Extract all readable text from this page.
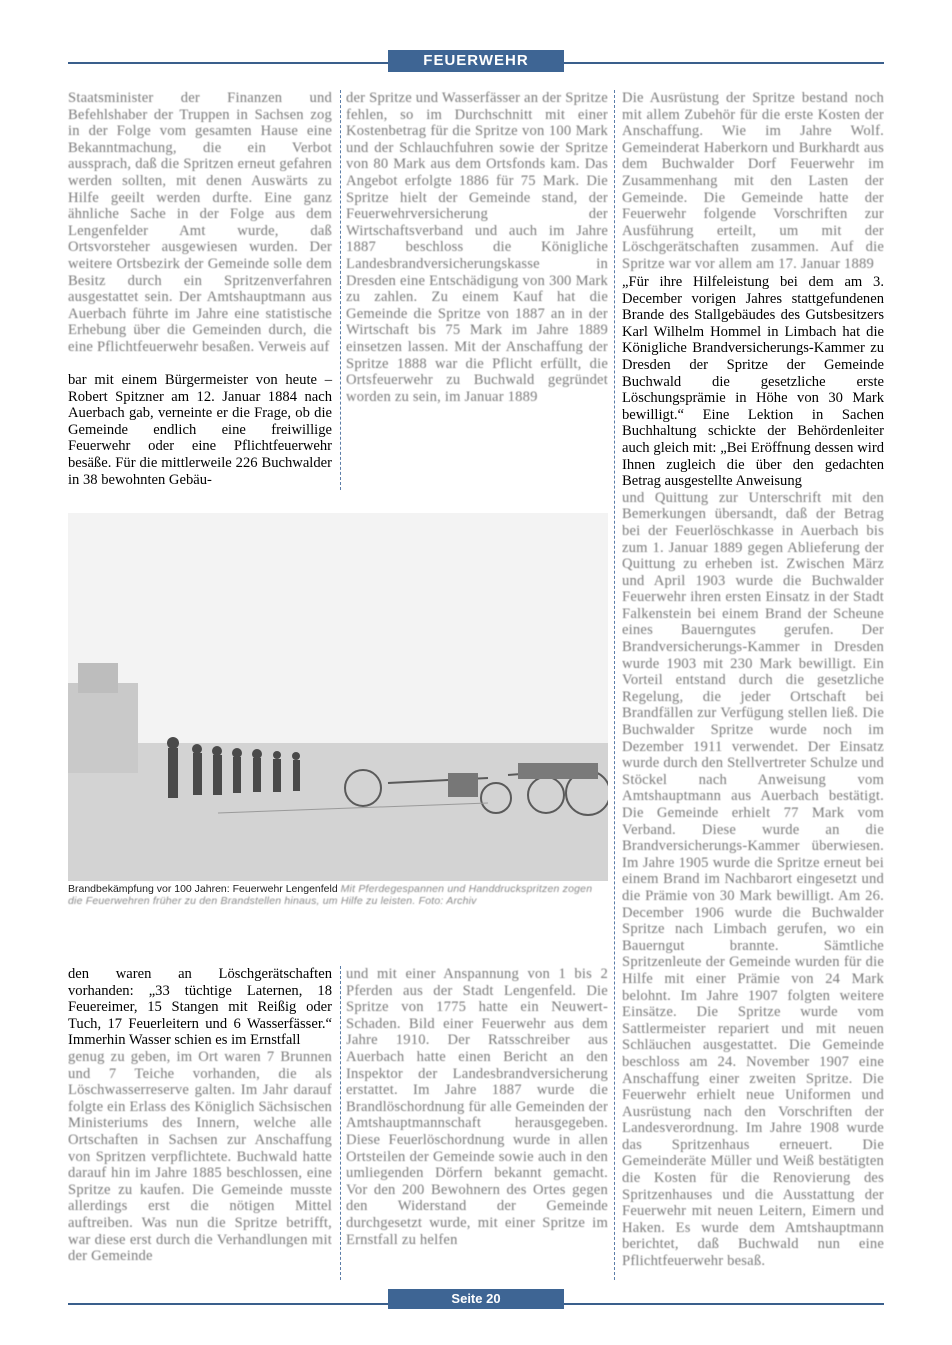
FEUERWEHR

Staatsminister der Finanzen und Befehlshaber der Truppen in Sachsen zog in der Folge vom gesamten Hause eine Bekanntmachung, die ein Verbot aussprach, daß die Spritzen erneut gefahren werden sollten, mit denen Auswärts zu Hilfe geeilt werden durfte. Eine ganz ähnliche Sache in der Folge aus dem Lengenfelder Amt wurde, daß Ortsvorsteher ausgewiesen wurden. Der weitere Ortsbezirk der Gemeinde solle dem Besitz durch ein Spritzenverfahren ausgestattet sein. Der Amtshauptmann aus Auerbach führte im Jahre eine statistische Erhebung über die Gemeinden durch, die eine Pflichtfeuerwehr besaßen. Verweis auf

bar mit einem Bürgermeister von heute – Robert Spitzner am 12. Januar 1884 nach Auerbach gab, verneinte er die Frage, ob die Gemeinde endlich eine freiwillige Feuerwehr oder eine Pflichtfeuerwehr besäße. Für die mittlerweile 226 Buchwalder in 38 bewohnten Gebäu-

der Spritze und Wasserfässer an der Spritze fehlen, so im Durchschnitt mit einer Kostenbetrag für die Spritze von 100 Mark und der Schlauchfuhren sowie der Spritze von 80 Mark aus dem Ortsfonds kam. Das Angebot erfolgte 1886 für 75 Mark. Die Spritze hielt der Gemeinde stand, der Feuerwehrversicherung der Wirtschaftsverband und auch im Jahre 1887 beschloss die Königliche Landesbrandversicherungskasse in Dresden eine Entschädigung von 300 Mark zu zahlen. Zu einem Kauf hat die Gemeinde die Spritze von 1887 an in der Wirtschaft bis 75 Mark im Jahre 1889 einsetzen lassen. Mit der Anschaffung der Spritze 1888 war die Pflicht erfüllt, die Ortsfeuerwehr zu Buchwald gegründet worden zu sein, im Januar 1889

Die Ausrüstung der Spritze bestand noch mit allem Zubehör für die erste Kosten der Anschaffung. Wie im Jahre Wolf. Gemeinderat Haberkorn und Burkhardt aus dem Buchwalder Dorf Feuerwehr im Zusammenhang mit den Lasten der Gemeinde. Die Gemeinde hatte der Feuerwehr folgende Vorschriften zur Ausführung erteilt, um mit der Löschgerätschaften zusammen. Auf die Spritze war vor allem am 17. Januar 1889

„Für ihre Hilfeleistung bei dem am 3. December vorigen Jahres stattgefundenen Brande des Stallgebäudes des Gutsbesitzers Karl Wilhelm Hommel in Limbach hat die Königliche Brandversicherungs-Kammer zu Dresden der Spritze der Gemeinde Buchwald die gesetzliche erste Löschungsprämie in Höhe von 30 Mark bewilligt.“ Eine Lektion in Sachen Buchhaltung schickte der Behördenleiter auch gleich mit: „Bei Eröffnung dessen wird Ihnen zugleich die über den gedachten Betrag ausgestellte Anweisung

und Quittung zur Unterschrift mit den Bemerkungen übersandt, daß der Betrag bei der Feuerlöschkasse in Auerbach bis zum 1. Januar 1889 gegen Ablieferung der Quittung zu erheben ist. Zwischen März und April 1903 wurde die Buchwalder Feuerwehr ihren ersten Einsatz in der Stadt Falkenstein bei einem Brand der Scheune eines Bauerngutes gerufen. Der Brandversicherungs-Kammer in Dresden wurde 1903 mit 230 Mark bewilligt. Ein Vorteil entstand durch die gesetzliche Regelung, die jeder Ortschaft bei Brandfällen zur Verfügung stellen ließ. Die Buchwalder Spritze wurde noch im Dezember 1911 verwendet. Der Einsatz wurde durch den Stellvertreter Schulze und Stöckel nach Anweisung vom Amtshauptmann aus Auerbach bestätigt. Die Gemeinde erhielt 77 Mark vom Verband. Diese wurde an die Brandversicherungs-Kammer überwiesen. Im Jahre 1905 wurde die Spritze erneut bei einem Brand im Nachbarort eingesetzt und die Prämie von 30 Mark bewilligt. Am 26. December 1906 wurde die Buchwalder Spritze nach Limbach gerufen, wo ein Bauerngut brannte. Sämtliche Spritzenleute der Gemeinde wurden für die Hilfe mit einer Prämie von 24 Mark belohnt. Im Jahre 1907 folgten weitere Einsätze. Die Spritze wurde vom Sattlermeister repariert und mit neuen Schläuchen ausgestattet. Die Gemeinde beschloss am 24. November 1907 eine Anschaffung einer zweiten Spritze. Die Feuerwehr erhielt neue Uniformen und Ausrüstung nach den Vorschriften der Landesverordnung. Im Jahre 1908 wurde das Spritzenhaus erneuert. Die Gemeinderäte Müller und Weiß bestätigten die Kosten für die Renovierung des Spritzenhauses und die Ausstattung der Feuerwehr mit neuen Leitern, Eimern und Haken. Es wurde dem Amtshauptmann berichtet, daß Buchwald nun eine Pflichtfeuerwehr besaß.

Brandbekämpfung vor 100 Jahren: Feuerwehr Lengenfeld Mit Pferdegespannen und Handdruckspritzen zogen die Feuerwehren früher zu den Brandstellen hinaus, um Hilfe zu leisten. Foto: Archiv

den waren an Löschgerätschaften vorhanden: „33 tüchtige Laternen, 18 Feuereimer, 15 Stangen mit Reißig oder Tuch, 17 Feuerleitern und 6 Wasserfässer.“ Immerhin Wasser schien es im Ernstfall

genug zu geben, im Ort waren 7 Brunnen und 7 Teiche vorhanden, die als Löschwasserreserve galten. Im Jahr darauf folgte ein Erlass des Königlich Sächsischen Ministeriums des Innern, welche alle Ortschaften in Sachsen zur Anschaffung von Spritzen verpflichtete. Buchwald hatte darauf hin im Jahre 1885 beschlossen, eine Spritze zu kaufen. Die Gemeinde musste allerdings erst die nötigen Mittel auftreiben. Was nun die Spritze betrifft, war diese erst durch die Verhandlungen mit der Gemeinde

und mit einer Anspannung von 1 bis 2 Pferden aus der Stadt Lengenfeld. Die Spritze von 1775 hatte ein Neuwert-Schaden. Bild einer Feuerwehr aus dem Jahre 1910. Der Ratsschreiber aus Auerbach hatte einen Bericht an den Inspektor der Landesbrandversicherung erstattet. Im Jahre 1887 wurde die Brandlöschordnung für alle Gemeinden der Amtshauptmannschaft herausgegeben. Diese Feuerlöschordnung wurde in allen Ortsteilen der Gemeinde sowie auch in den umliegenden Dörfern bekannt gemacht. Vor den 200 Bewohnern des Ortes gegen den Widerstand der Gemeinde durchgesetzt wurde, mit einer Spritze im Ernstfall zu helfen

Seite 20
